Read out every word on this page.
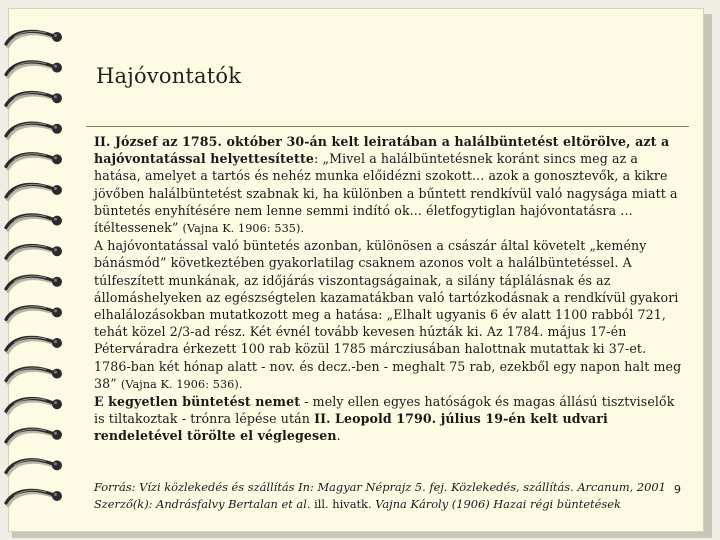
Hajóvontatók

II. József az 1785. október 30-án kelt leiratában a halálbüntetést eltörölve, azt a hajóvontatással helyettesítette: „Mivel a halálbüntetésnek koránt sincs meg az a hatása, amelyet a tartós és nehéz munka előidézni szokott... azok a gonosztevők, a kikre jövőben halálbüntetést szabnak ki, ha különben a bűntett rendkívül való nagysága miatt a büntetés enyhítésére nem lenne semmi indító ok... életfogytiglan hajóvontatásra ... ítéltessenek” (Vajna K. 1906: 535).

A hajóvontatással való büntetés azonban, különösen a császár által követelt „kemény bánásmód” következtében gyakorlatilag csaknem azonos volt a halálbüntetéssel. A túlfeszített munkának, az időjárás viszontagságainak, a silány táplálásnak és az állomáshelyeken az egészségtelen kazamatákban való tartózkodásnak a rendkívül gyakori elhalálozásokban mutatkozott meg a hatása: „Elhalt ugyanis 6 év alatt 1100 rabból 721, tehát közel 2/3-ad rész. Két évnél tovább kevesen húzták ki. Az 1784. május 17-én Péterváradra érkezett 100 rab közül 1785 márcziusában halottnak mutattak ki 37-et. 1786-ban két hónap alatt - nov. és decz.-ben - meghalt 75 rab, ezekből egy napon halt meg 38” (Vajna K. 1906: 536).

E kegyetlen büntetést nemet - mely ellen egyes hatóságok és magas állású tisztviselők is tiltakoztak - trónra lépése után II. Leopold 1790. július 19-én kelt udvari rendeletével törölte el véglegesen.

Forrás: Vízi közlekedés és szállítás In: Magyar Néprajz 5. fej. Közlekedés, szállítás. Arcanum, 2001
Szerző(k): Andrásfalvy Bertalan et al. ill. hivatk. Vajna Károly (1906) Hazai régi büntetések
9
